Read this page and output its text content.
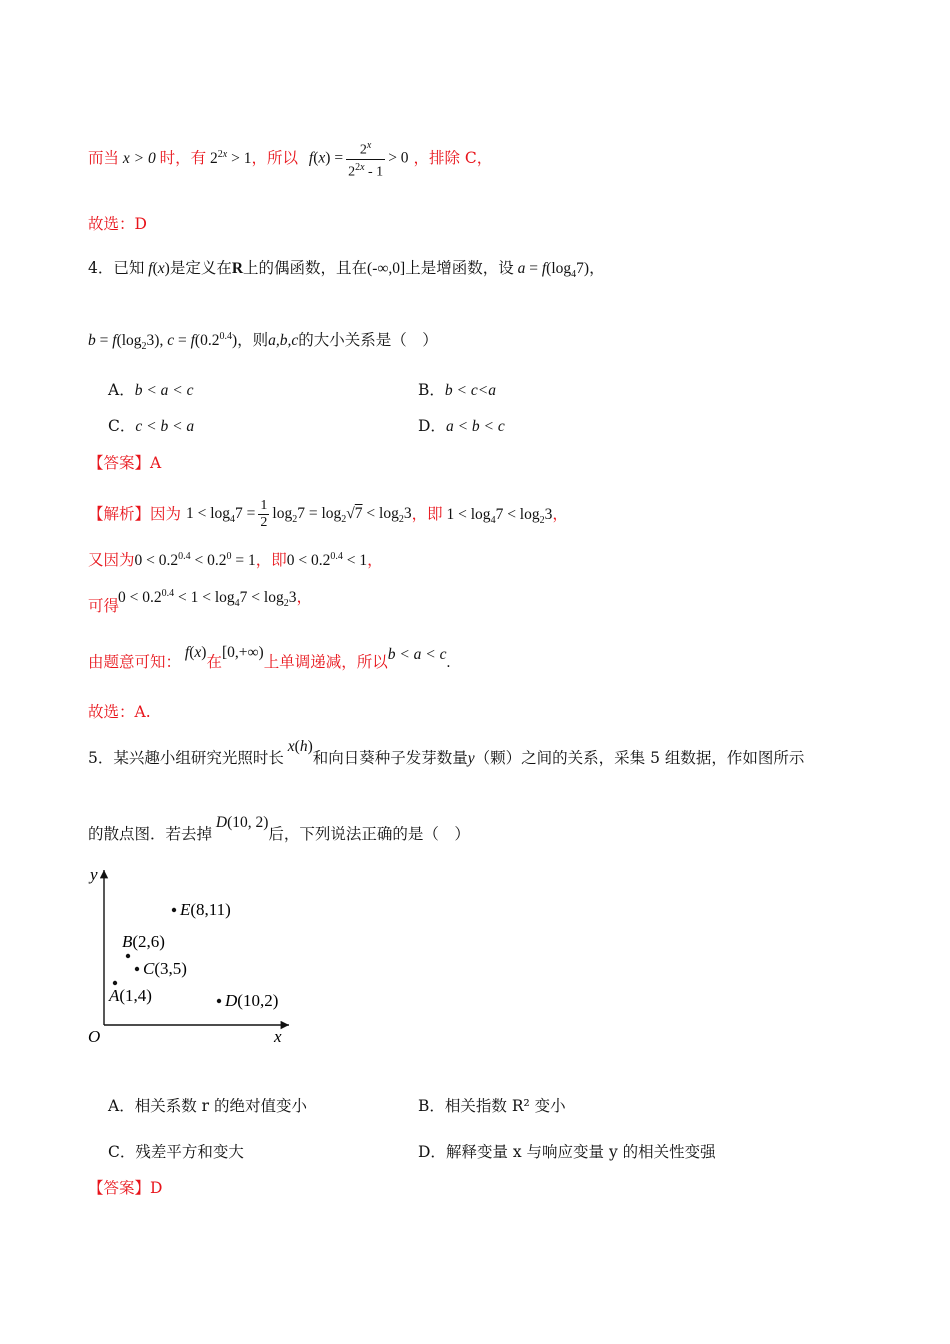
而当 x > 0 时，有 $2^{2x} > 1$，所以 $f(x) = \frac{2^x}{2^{2x} - 1} > 0$ ，排除 C，
故选：D
4．已知 f(x)是定义在R上的偶函数，且在(-∞,0]上是增函数，设 $a = f(\log_47)$，
$b = f(\log_23)$, $c = f(0.2^{0.4})$，则a,b,c的大小关系是（　）
A．b < a < c	B．b < c<a
C．c < b < a	D．a < b < c
【答案】A
【解析】因为 $1 < \log_47 = \frac{1}{2} \log_27 = \log_2√7 < \log_23$，即 $1 < \log_47 < \log_23$，
又因为$0 < 0.2^{0.4} < 0.2^0 = 1$，即$0 < 0.2^{0.4} < 1$，
$0 < 0.2^{0.4} < 1 < \log_47 < \log_23$，
可得
由题意可知： f(x)在[0,+∞)上单调递减，所以b < a < c.
故选：A.
5．某兴趣小组研究光照时长 x(h)和向日葵种子发芽数量y（颗）之间的关系，采集 5 组数据，作如图所示
的散点图．若去掉 D(10, 2)后，下列说法正确的是（　）
y
x
O
A(1,4)
B(2,6)
C(3,5)
D(10,2)
E(8,11)
A．相关系数 r 的绝对值变小	B．相关指数 R² 变小
C．残差平方和变大	D．解释变量 x 与响应变量 y 的相关性变强
【答案】D
